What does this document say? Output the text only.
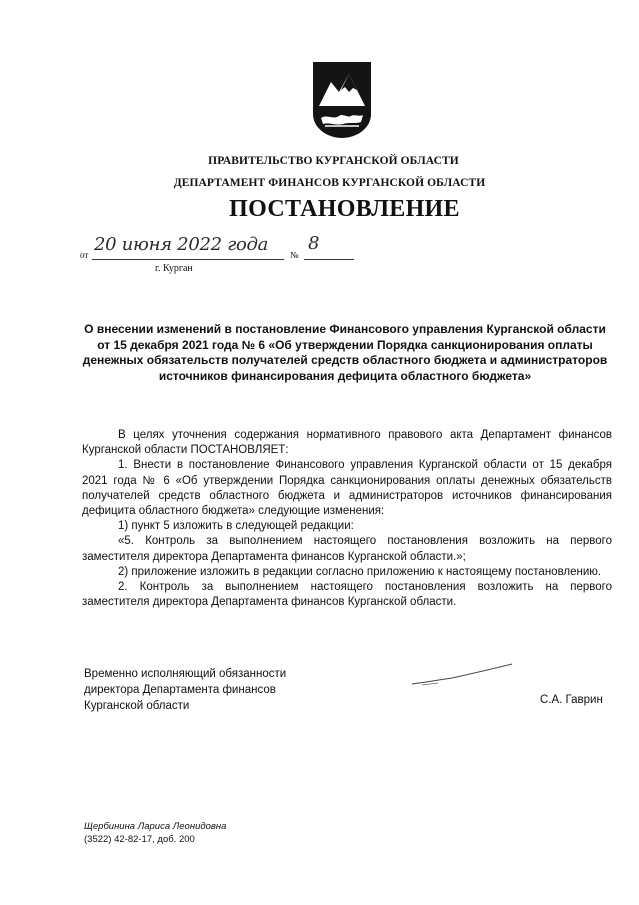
ПРАВИТЕЛЬСТВО КУРГАНСКОЙ ОБЛАСТИ
ДЕПАРТАМЕНТ ФИНАНСОВ КУРГАНСКОЙ ОБЛАСТИ
ПОСТАНОВЛЕНИЕ
от 20 июня 2022 года №
8
г. Курган
О внесении изменений в постановление Финансового управления Курганской области от 15 декабря 2021 года № 6 «Об утверждении Порядка санкционирования оплаты денежных обязательств получателей средств областного бюджета и администраторов источников финансирования дефицита областного бюджета»

В целях уточнения содержания нормативного правового акта Департамент финансов Курганской области ПОСТАНОВЛЯЕТ:

1. Внести в постановление Финансового управления Курганской области от 15 декабря 2021 года № 6 «Об утверждении Порядка санкционирования оплаты денежных обязательств получателей средств областного бюджета и администраторов источников финансирования дефицита областного бюджета» следующие изменения:

1) пункт 5 изложить в следующей редакции:

«5. Контроль за выполнением настоящего постановления возложить на первого заместителя директора Департамента финансов Курганской области.»;

2) приложение изложить в редакции согласно приложению к настоящему постановлению.

2. Контроль за выполнением настоящего постановления возложить на первого заместителя директора Департамента финансов Курганской области.

Временно исполняющий обязанности

директора Департамента финансов

Курганской области	С.А. Гаврин

Щербинина Лариса Леонидовна

(3522) 42-82-17, доб. 200
